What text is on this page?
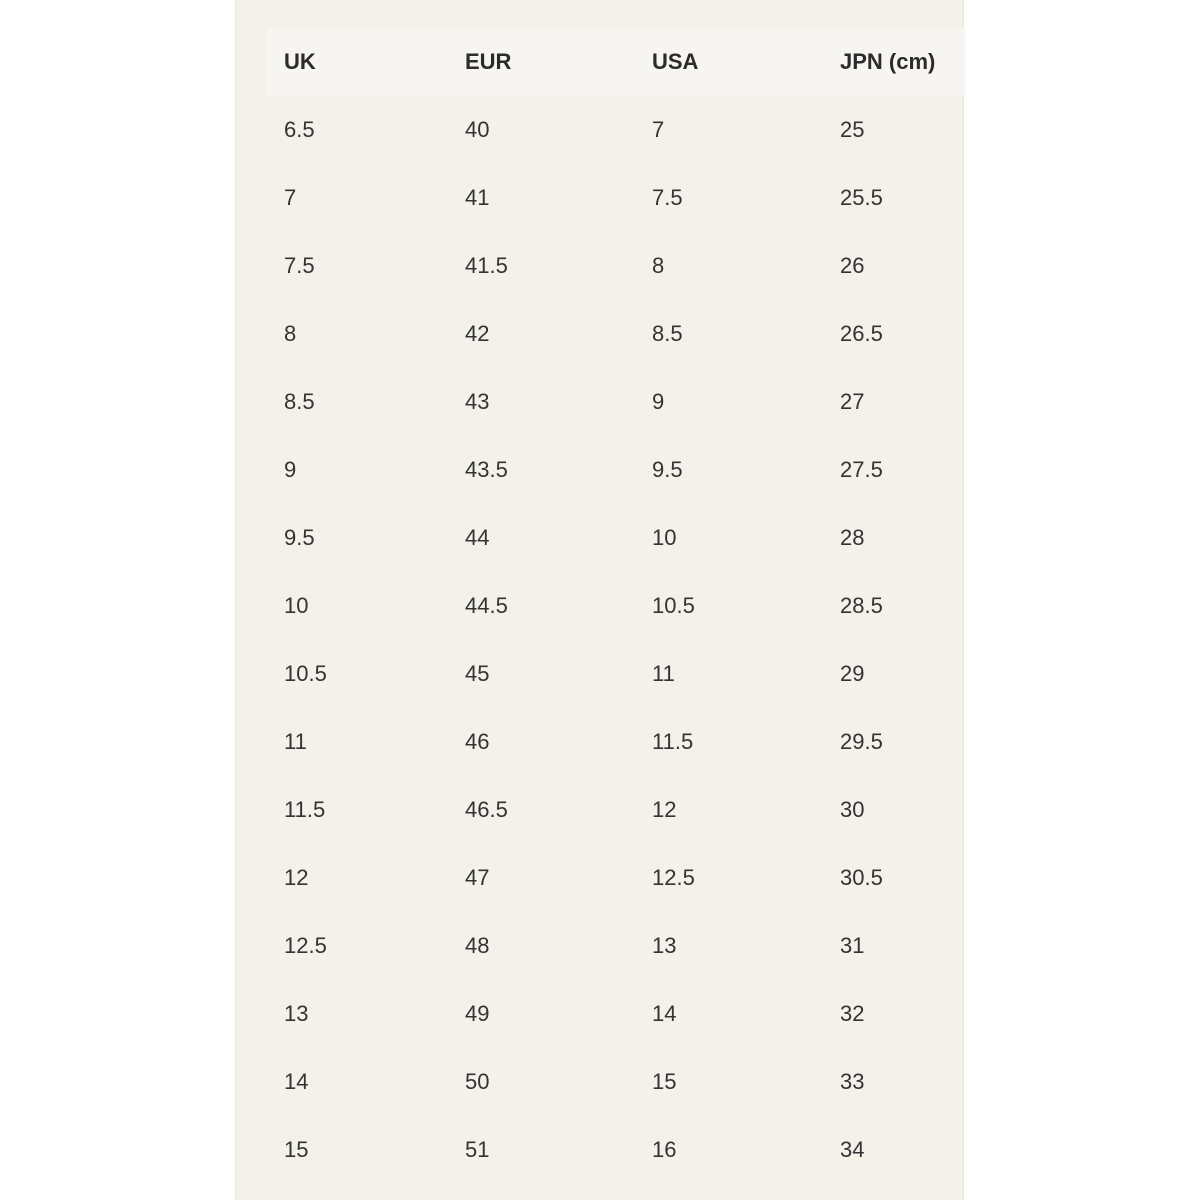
UK	EUR	USA	JPN (cm)
6.5	40	7	25
7	41	7.5	25.5
7.5	41.5	8	26
8	42	8.5	26.5
8.5	43	9	27
9	43.5	9.5	27.5
9.5	44	10	28
10	44.5	10.5	28.5
10.5	45	11	29
11	46	11.5	29.5
11.5	46.5	12	30
12	47	12.5	30.5
12.5	48	13	31
13	49	14	32
14	50	15	33
15	51	16	34
